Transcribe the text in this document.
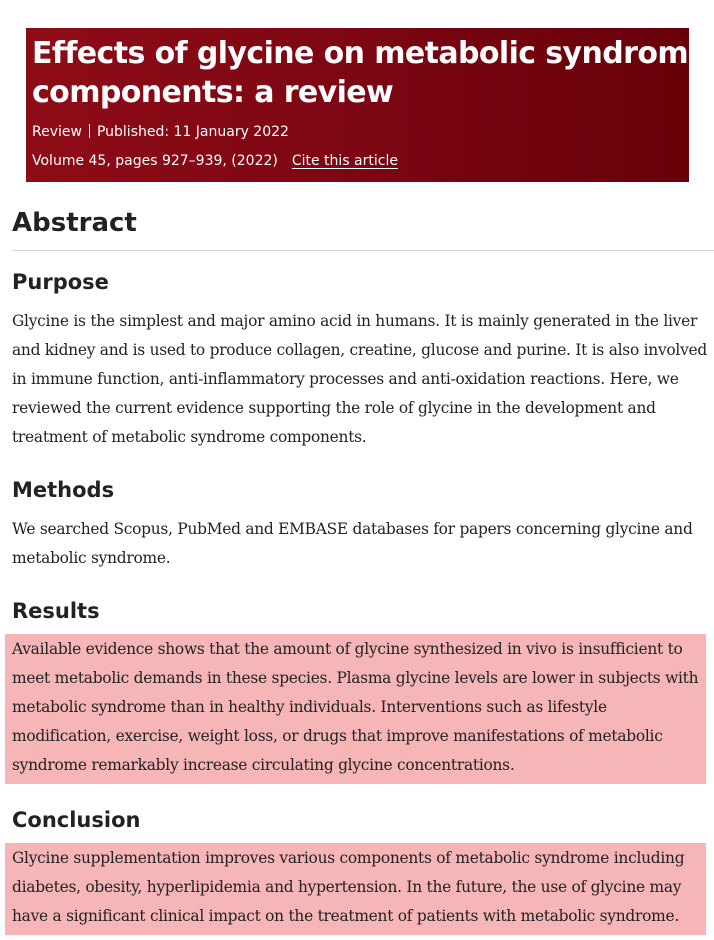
Effects of glycine on metabolic syndrome
components: a review
Review Published: 11 January 2022
Volume 45, pages 927–939, (2022) Cite this article
Abstract
Purpose
Glycine is the simplest and major amino acid in humans. It is mainly generated in the liver
and kidney and is used to produce collagen, creatine, glucose and purine. It is also involved
in immune function, anti-inflammatory processes and anti-oxidation reactions. Here, we
reviewed the current evidence supporting the role of glycine in the development and
treatment of metabolic syndrome components.
Methods
We searched Scopus, PubMed and EMBASE databases for papers concerning glycine and
metabolic syndrome.
Results
Available evidence shows that the amount of glycine synthesized in vivo is insufficient to
meet metabolic demands in these species. Plasma glycine levels are lower in subjects with
metabolic syndrome than in healthy individuals. Interventions such as lifestyle
modification, exercise, weight loss, or drugs that improve manifestations of metabolic
syndrome remarkably increase circulating glycine concentrations.
Conclusion
Glycine supplementation improves various components of metabolic syndrome including
diabetes, obesity, hyperlipidemia and hypertension. In the future, the use of glycine may
have a significant clinical impact on the treatment of patients with metabolic syndrome.
